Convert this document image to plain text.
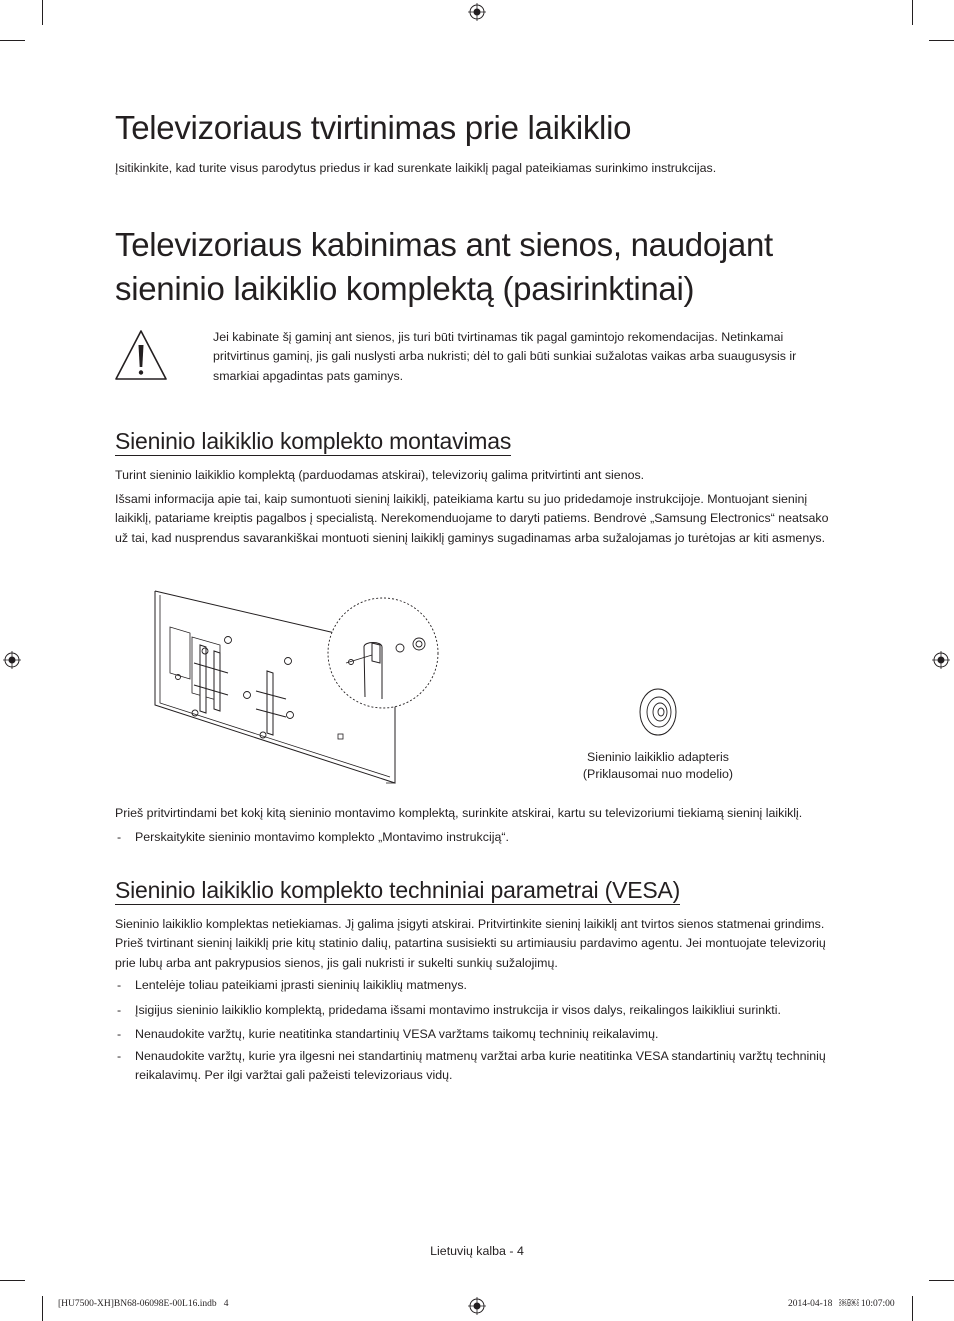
Televizoriaus tvirtinimas prie laikiklio

Įsitikinkite, kad turite visus parodytus priedus ir kad surenkate laikiklį pagal pateikiamas surinkimo instrukcijas.

Televizoriaus kabinimas ant sienos, naudojant
sieninio laikiklio komplektą (pasirinktinai)

Jei kabinate šį gaminį ant sienos, jis turi būti tvirtinamas tik pagal gamintojo rekomendacijas. Netinkamai pritvirtinus gaminį, jis gali nuslysti arba nukristi; dėl to gali būti sunkiai sužalotas vaikas arba suaugusysis ir smarkiai apgadintas pats gaminys.

Sieninio laikiklio komplekto montavimas

Turint sieninio laikiklio komplektą (parduodamas atskirai), televizorių galima pritvirtinti ant sienos.

Išsami informacija apie tai, kaip sumontuoti sieninį laikiklį, pateikiama kartu su juo pridedamoje instrukcijoje. Montuojant sieninį laikiklį, patariame kreiptis pagalbos į specialistą. Nerekomenduojame to daryti patiems. Bendrovė „Samsung Electronics“ neatsako už tai, kad nusprendus savarankiškai montuoti sieninį laikiklį gaminys sugadinamas arba sužalojamas jo turėtojas ar kiti asmenys.

Sieninio laikiklio adapteris
(Priklausomai nuo modelio)

Prieš pritvirtindami bet kokį kitą sieninio montavimo komplektą, surinkite atskirai, kartu su televizoriumi tiekiamą sieninį laikiklį.

- Perskaitykite sieninio montavimo komplekto „Montavimo instrukciją“.
Sieninio laikiklio komplekto techniniai parametrai (VESA)

Sieninio laikiklio komplektas netiekiamas. Jį galima įsigyti atskirai. Pritvirtinkite sieninį laikiklį ant tvirtos sienos statmenai grindims. Prieš tvirtinant sieninį laikiklį prie kitų statinio dalių, patartina susisiekti su artimiausiu pardavimo agentu. Jei montuojate televizorių prie lubų arba ant pakrypusios sienos, jis gali nukristi ir sukelti sunkių sužalojimų.

- Lentelėje toliau pateikiami įprasti sieninių laikiklių matmenys.
- Įsigijus sieninio laikiklio komplektą, pridedama išsami montavimo instrukcija ir visos dalys, reikalingos laikikliui surinkti.
- Nenaudokite varžtų, kurie neatitinka standartinių VESA varžtams taikomų techninių reikalavimų.
- Nenaudokite varžtų, kurie yra ilgesni nei standartinių matmenų varžtai arba kurie neatitinka VESA standartinių varžtų techninių reikalavimų. Per ilgi varžtai gali pažeisti televizoriaus vidų.
Lietuvių kalba - 4
[HU7500-XH]BN68-06098E-00L16.indb   4	2014-04-18   ￼￼ 10:07:00
